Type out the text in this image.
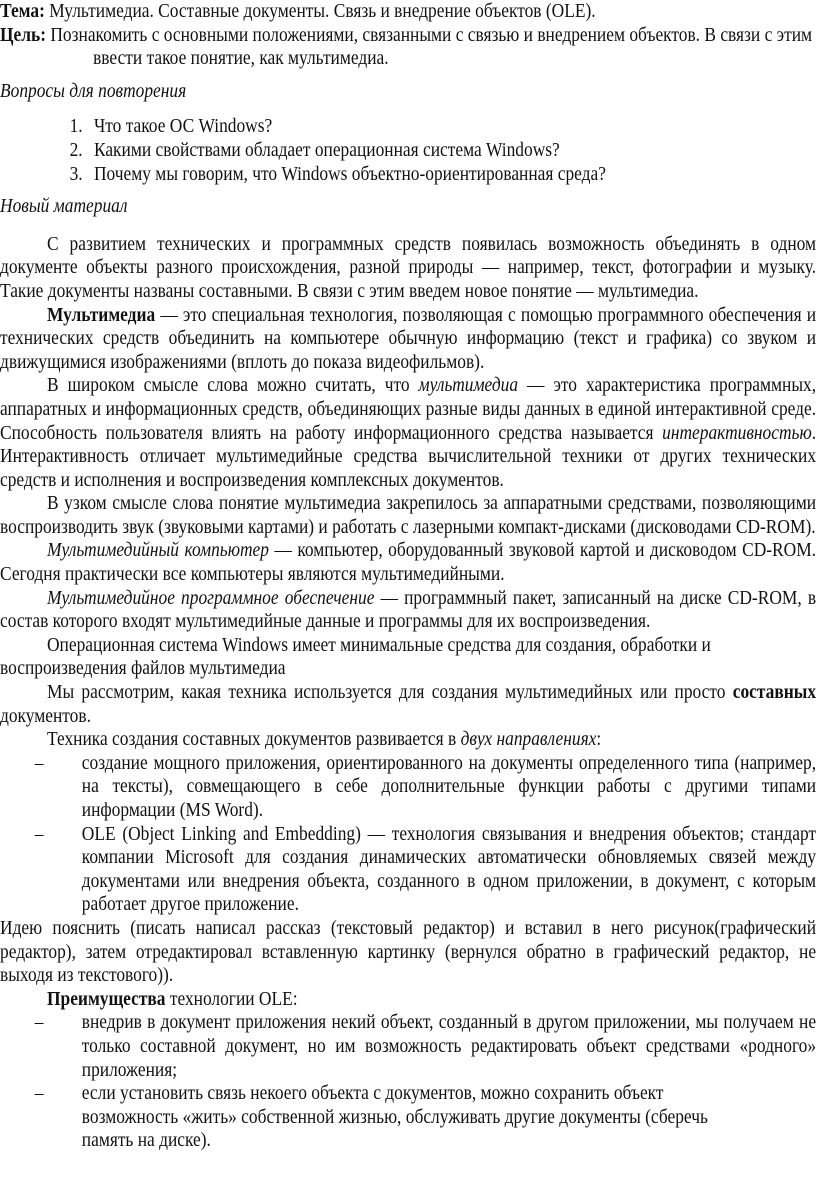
Тема: Мультимедиа. Составные документы. Связь и внедрение объектов (OLE).

Цель: Познакомить с основными положениями, связанными с связью и внедрением объектов. В связи с этим ввести такое понятие, как мультимедиа.

Вопросы для повторения

1. Что такое ОС Windows?
2. Какими свойствами обладает операционная система Windows?
3. Почему мы говорим, что Windows объектно-ориентированная среда?

Новый материал

С развитием технических и программных средств появилась возможность объединять в одном документе объекты разного происхождения, разной природы — например, текст, фотографии и музыку. Такие документы названы составными. В связи с этим введем новое понятие — мультимедиа.

Мультимедиа — это специальная технология, позволяющая с помощью программного обеспечения и технических средств объединить на компьютере обычную информацию (текст и графика) со звуком и движущимися изображениями (вплоть до показа видеофильмов).

В широком смысле слова можно считать, что мультимедиа — это характеристика программных, аппаратных и информационных средств, объединяющих разные виды данных в единой интерактивной среде. Способность пользователя влиять на работу информационного средства называется интерактивностью. Интерактивность отличает мультимедийные средства вычислительной техники от других технических средств и исполнения и воспроизведения комплексных документов.

В узком смысле слова понятие мультимедиа закрепилось за аппаратными средствами, позволяющими воспроизводить звук (звуковыми картами) и работать с лазерными компакт-дисками (дисководами CD-ROM).

Мультимедийный компьютер — компьютер, оборудованный звуковой картой и дисководом CD-ROM. Сегодня практически все компьютеры являются мультимедийными.

Мультимедийное программное обеспечение — программный пакет, записанный на диске CD-ROM, в состав которого входят мультимедийные данные и программы для их воспроизведения.

Операционная система Windows имеет минимальные средства для создания, обработки и воспроизведения файлов мультимедиа

Мы рассмотрим, какая техника используется для создания мультимедийных или просто составных документов.

Техника создания составных документов развивается в двух направлениях:

– создание мощного приложения, ориентированного на документы определенного типа (например, на тексты), совмещающего в себе дополнительные функции работы с другими типами информации (MS Word).
– OLE (Object Linking and Embedding) — технология связывания и внедрения объектов; стандарт компании Microsoft для создания динамических автоматически обновляемых связей между документами или внедрения объекта, созданного в одном приложении, в документ, с которым работает другое приложение.

Идею пояснить (писать написал рассказ (текстовый редактор) и вставил в него рисунок(графический редактор), затем отредактировал вставленную картинку (вернулся обратно в графический редактор, не выходя из текстового)).

Преимущества технологии OLE:

– внедрив в документ приложения некий объект, созданный в другом приложении, мы получаем не только составной документ, но им возможность редактировать объект средствами «родного» приложения;
– если установить связь некоего объекта с документов, можно сохранить объект возможность «жить» собственной жизнью, обслуживать другие документы (сберечь память на диске).
